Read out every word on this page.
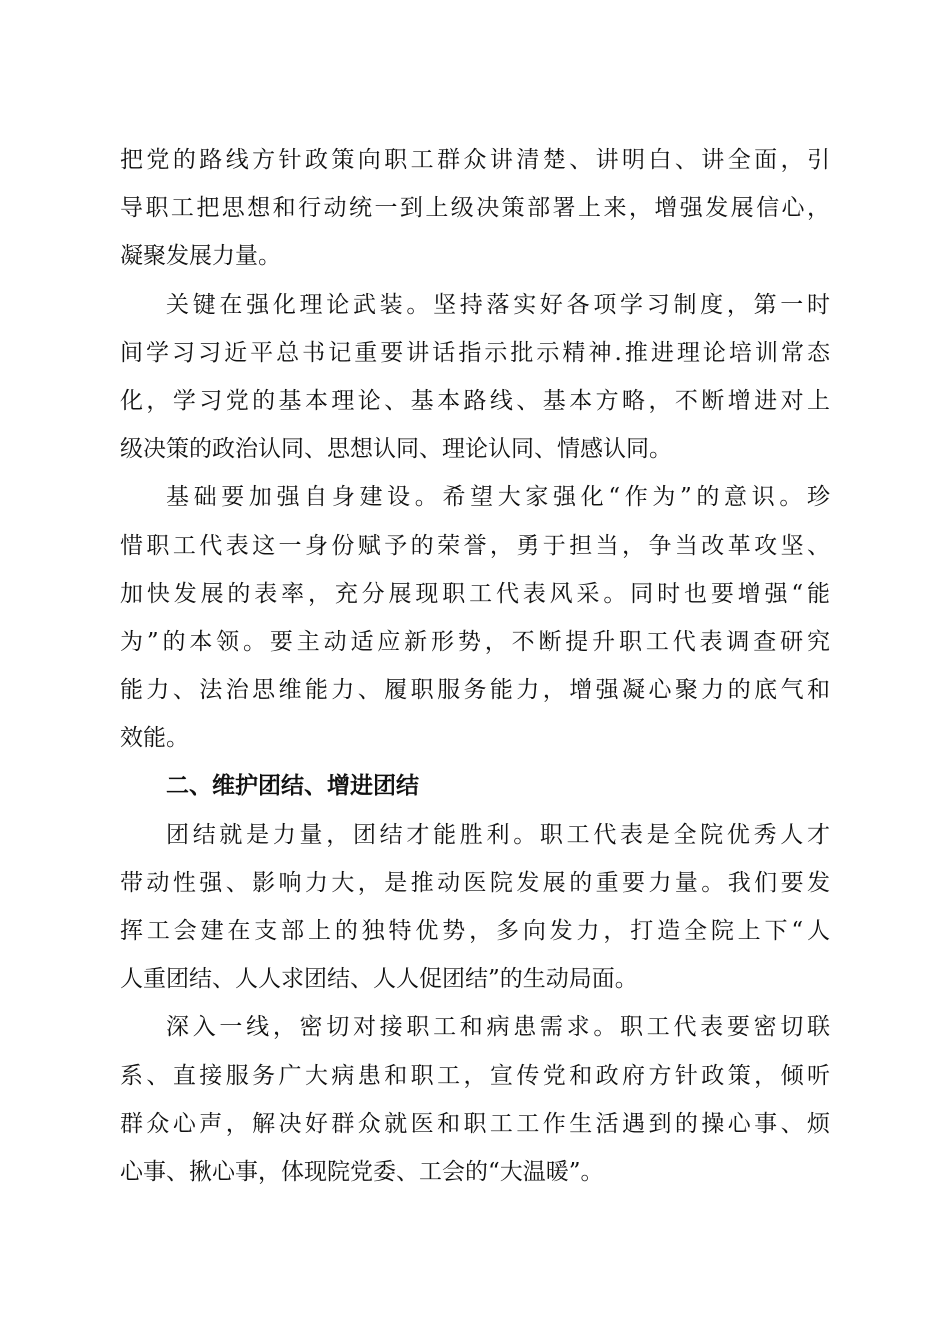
把党的路线方针政策向职工群众讲清楚、讲明白、讲全面，引
导职工把思想和行动统一到上级决策部署上来，增强发展信心，
凝聚发展力量。
关键在强化理论武装。坚持落实好各项学习制度，第一时
间学习习近平总书记重要讲话指示批示精神.推进理论培训常态
化，学习党的基本理论、基本路线、基本方略，不断增进对上
级决策的政治认同、思想认同、理论认同、情感认同。
基础要加强自身建设。希望大家强化“作为”的意识。珍
惜职工代表这一身份赋予的荣誉，勇于担当，争当改革攻坚、
加快发展的表率，充分展现职工代表风采。同时也要增强“能
为”的本领。要主动适应新形势，不断提升职工代表调查研究
能力、法治思维能力、履职服务能力，增强凝心聚力的底气和
效能。
二、维护团结、增进团结
团结就是力量，团结才能胜利。职工代表是全院优秀人才
带动性强、影响力大，是推动医院发展的重要力量。我们要发
挥工会建在支部上的独特优势，多向发力，打造全院上下“人
人重团结、人人求团结、人人促团结”的生动局面。
深入一线，密切对接职工和病患需求。职工代表要密切联
系、直接服务广大病患和职工，宣传党和政府方针政策，倾听
群众心声，解决好群众就医和职工工作生活遇到的操心事、烦
心事、揪心事，体现院党委、工会的“大温暖”。
